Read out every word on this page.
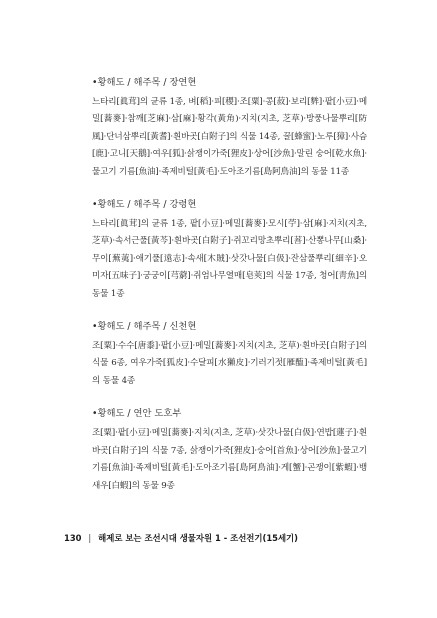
•황해도 / 해주목 / 장연현

느타리[眞茸]의 균류 1종, 벼[稻]·피[稷]·조[粟]·콩[菽]·보리[麰]·팥[小豆]·메밀[蕎麥]·참깨[芝麻]·삼[麻]·황각(黃角)·지치(지초, 芝草)·방풍나물뿌리[防風]·단너삼뿌리[黃耆]·흰바곳[白附子]의 식물 14종, 꿀[蜂蜜]·노루[獐]·사슴[鹿]·고니[天鵝]·여우[狐]·삵쟁이가죽[狸皮]·상어[沙魚]·말린 숭어[乾水魚]·물고기 기름[魚油]·족제비털[黃毛]·도아조기름[島阿鳥油]의 동물 11종

•황해도 / 해주목 / 강령현

느타리[眞茸]의 균류 1종, 팥[小豆]·메밀[蕎麥]·모시[苧]·삼[麻]·지치(지초, 芝草)·속서근풀[黃芩]·흰바곳[白附子]·쥐꼬리망초뿌리[䓊]·산뽕나무[山桑]·무이[蕪荑]·애기풀[遠志]·속새[木賊]·삿갓나물[白伋]·잔삼풀뿌리[細辛]·오미자[五味子]·궁궁이[芎藭]·쥐엄나무열매[皂莢]의 식물 17종, 청어[靑魚]의 동물 1종

•황해도 / 해주목 / 신천현

조[粟]·수수[唐黍]·팥[小豆]·메밀[蕎麥]·지치(지초, 芝草)·흰바곳[白附子]의 식물 6종, 여우가죽[狐皮]·수달피[水獺皮]·기러기젓[雁醢]·족제비털[黃毛]의 동물 4종

•황해도 / 연안 도호부

조[粟]·팥[小豆]·메밀[蕎麥]·지치(지초, 芝草)·삿갓나물[白伋]·연밥[蓮子]·흰바곳[白附子]의 식물 7종, 삵쟁이가죽[狸皮]·숭어[首魚]·상어[沙魚]·물고기 기름[魚油]·족제비털[黃毛]·도아조기름[島阿鳥油]·게[蟹]·곤쟁이[紫蝦]·뱅새우[白蝦]의 동물 9종

130 | 해제로 보는 조선시대 생물자원 1 - 조선전기(15세기)
